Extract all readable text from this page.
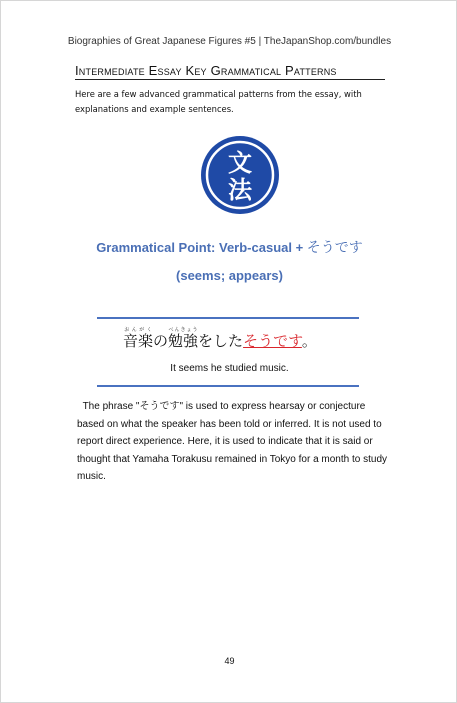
Biographies of Great Japanese Figures #5 | TheJapanShop.com/bundles
Intermediate Essay Key Grammatical Patterns
Here are a few advanced grammatical patterns from the essay, with explanations and example sentences.
文
法
Grammatical Point: Verb-casual + そうです
(seems; appears)
音楽おんがくの勉強べんきょうをしたそうです。
It seems he studied music.
The phrase "そうです" is used to express hearsay or conjecture based on what the speaker has been told or inferred. It is not used to report direct experience. Here, it is used to indicate that it is said or thought that Yamaha Torakusu remained in Tokyo for a month to study music.
49
